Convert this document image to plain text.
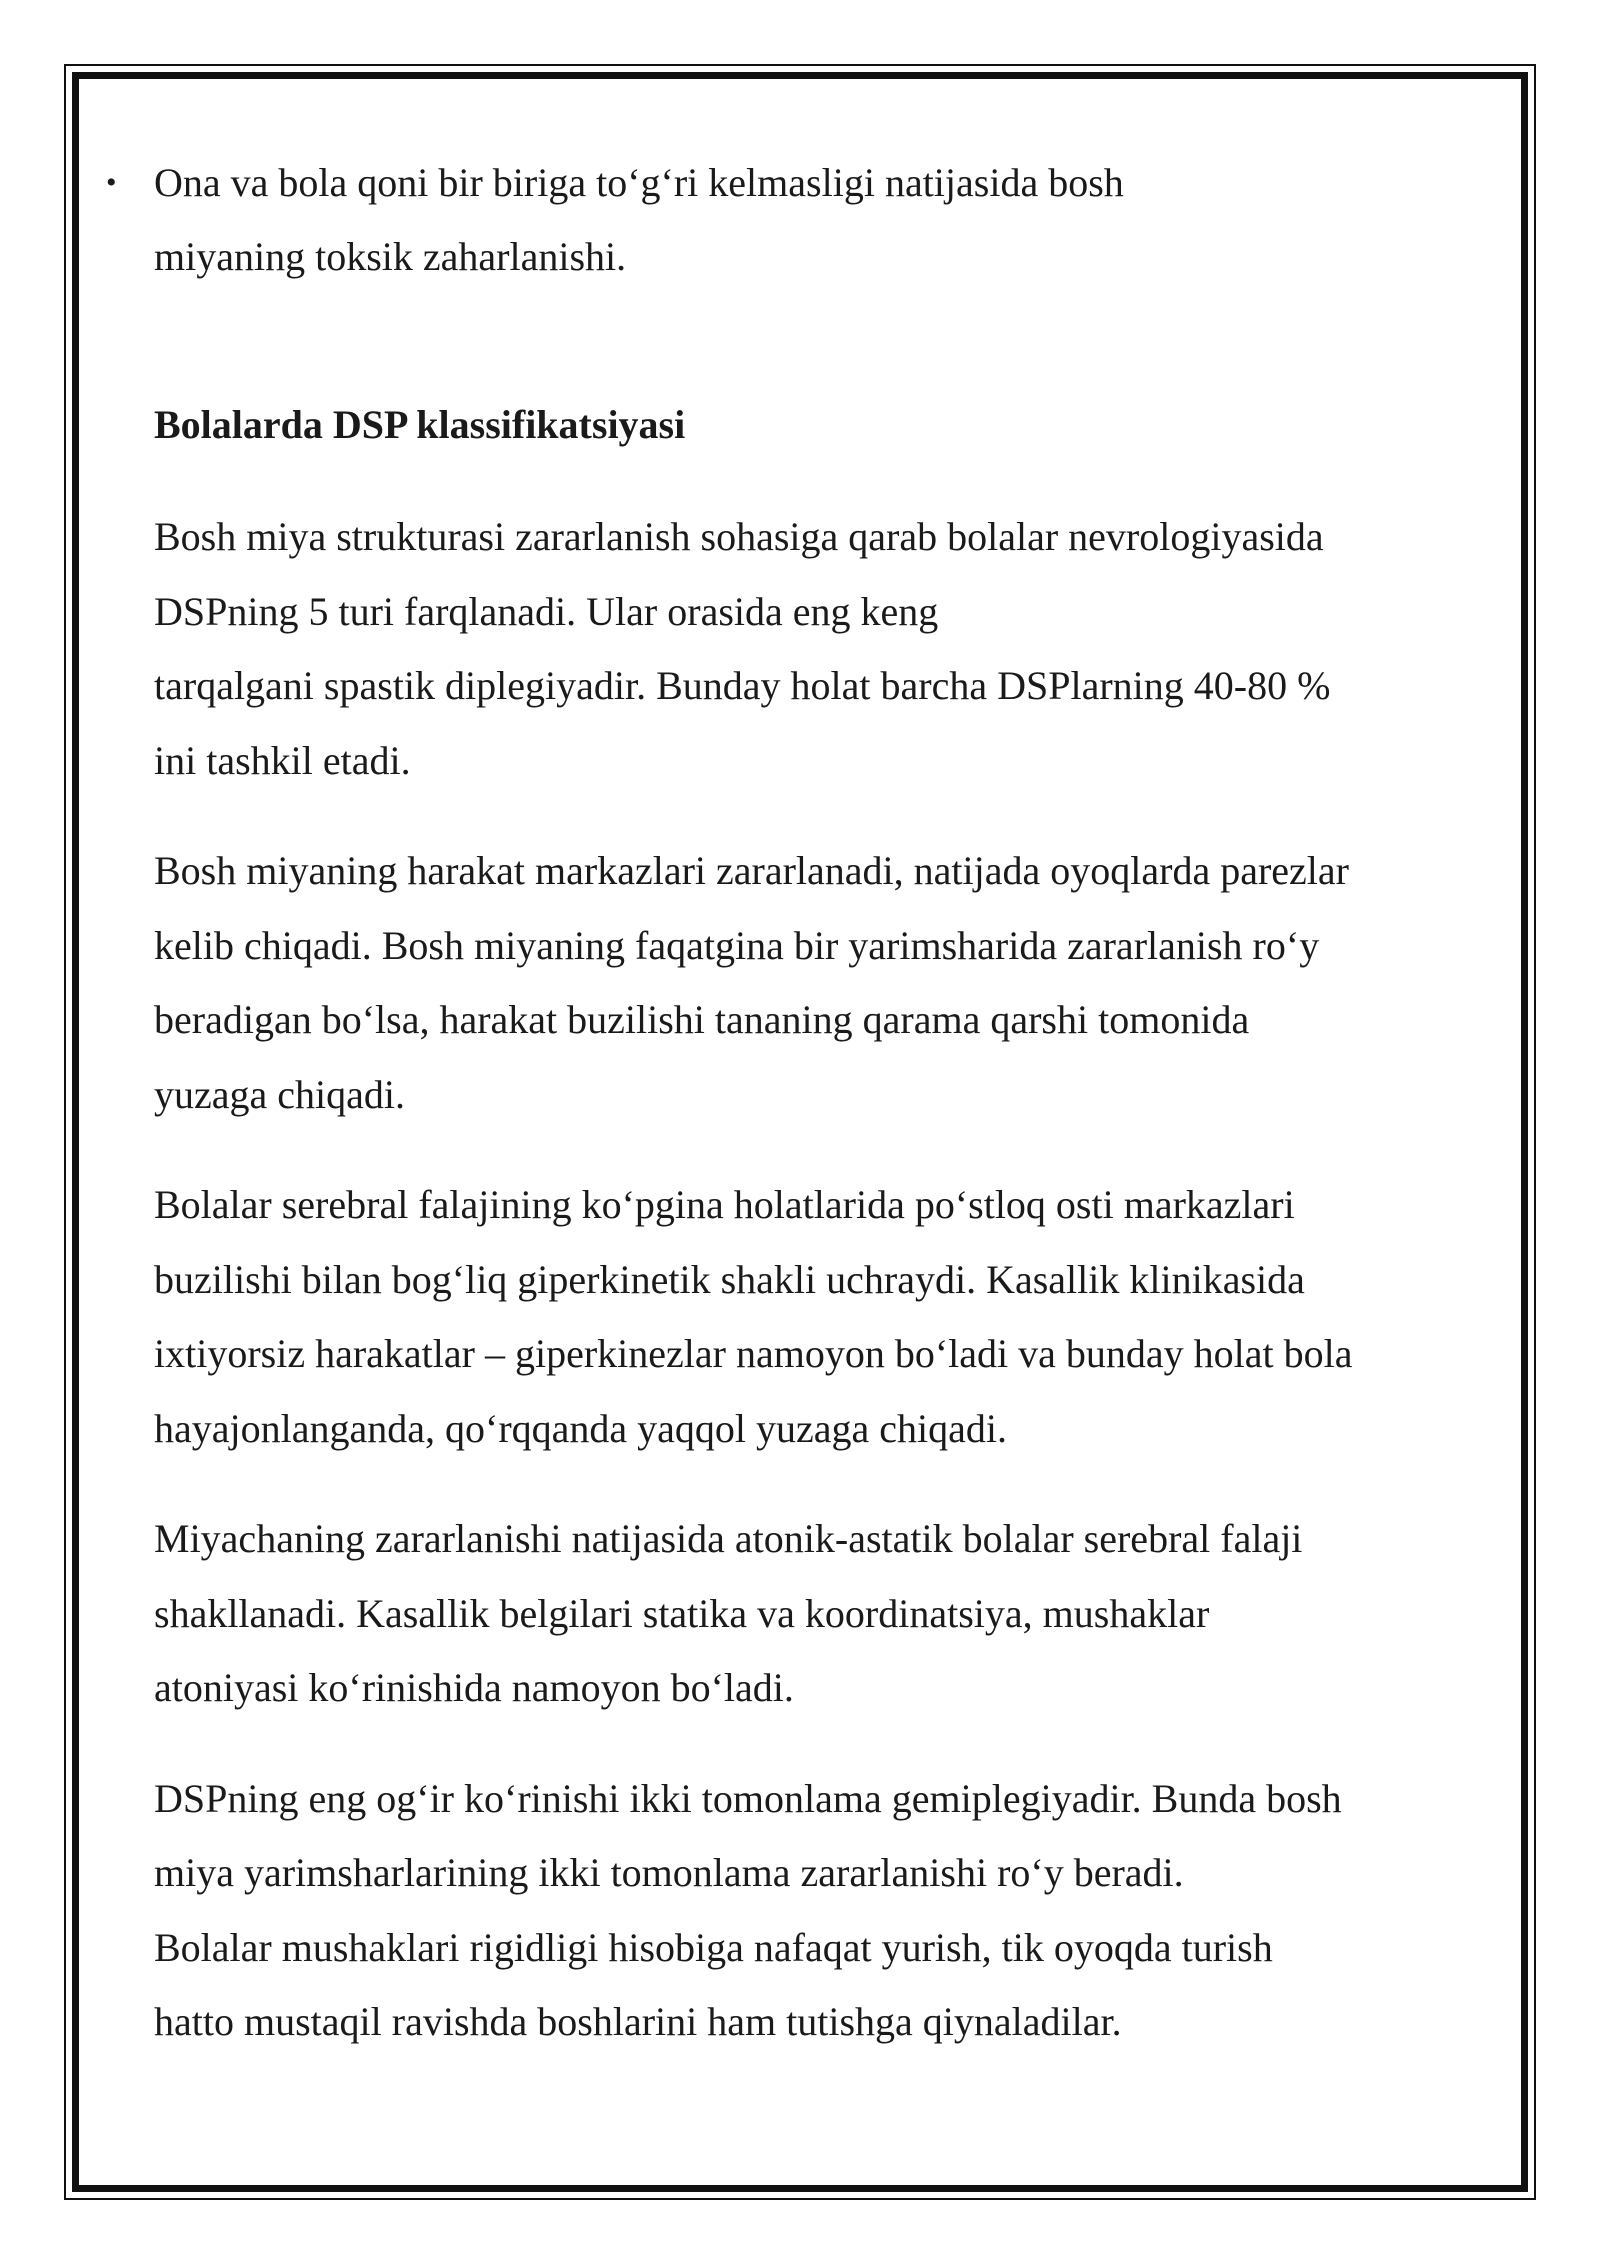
• Ona va bola qoni bir biriga to‘g‘ri kelmasligi natijasida bosh
miyaning toksik zaharlanishi.
Bolalarda DSP klassifikatsiyasi
Bosh miya strukturasi zararlanish sohasiga qarab bolalar nevrologiyasida
DSPning 5 turi farqlanadi. Ular orasida eng keng
tarqalgani spastik diplegiyadir. Bunday holat barcha DSPlarning 40-80 %
ini tashkil etadi.
Bosh miyaning harakat markazlari zararlanadi, natijada oyoqlarda parezlar
kelib chiqadi. Bosh miyaning faqatgina bir yarimsharida zararlanish ro‘y
beradigan bo‘lsa, harakat buzilishi tananing qarama qarshi tomonida
yuzaga chiqadi.
Bolalar serebral falajining ko‘pgina holatlarida po‘stloq osti markazlari
buzilishi bilan bog‘liq giperkinetik shakli uchraydi. Kasallik klinikasida
ixtiyorsiz harakatlar – giperkinezlar namoyon bo‘ladi va bunday holat bola
hayajonlanganda, qo‘rqqanda yaqqol yuzaga chiqadi.
Miyachaning zararlanishi natijasida atonik-astatik bolalar serebral falaji
shakllanadi. Kasallik belgilari statika va koordinatsiya, mushaklar
atoniyasi ko‘rinishida namoyon bo‘ladi.
DSPning eng og‘ir ko‘rinishi ikki tomonlama gemiplegiyadir. Bunda bosh
miya yarimsharlarining ikki tomonlama zararlanishi ro‘y beradi.
Bolalar mushaklari rigidligi hisobiga nafaqat yurish, tik oyoqda turish
hatto mustaqil ravishda boshlarini ham tutishga qiynaladilar.
